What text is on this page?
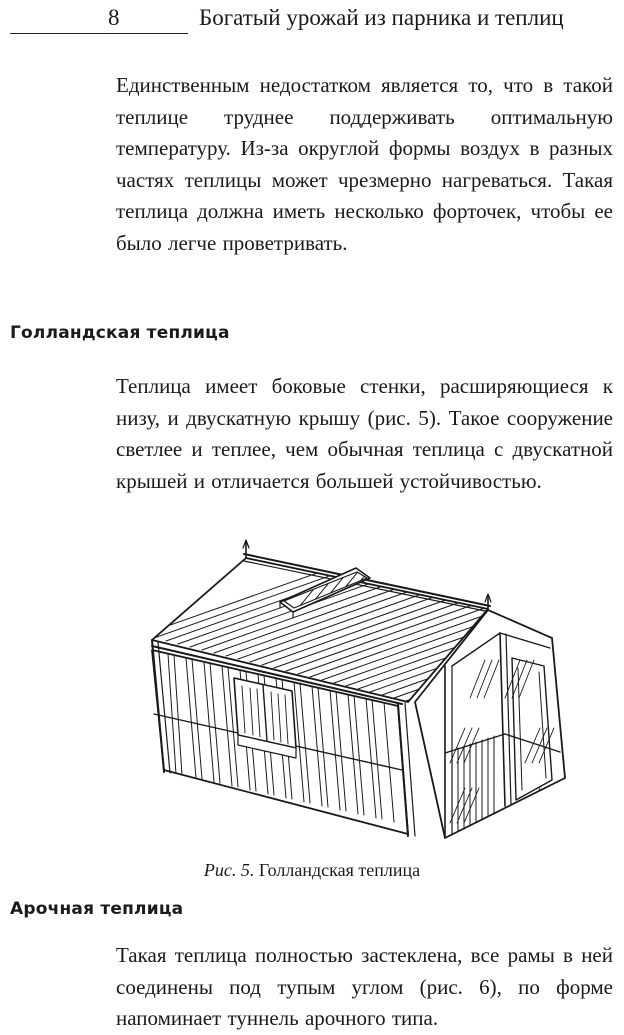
8	Богатый урожай из парника и теплиц

Единственным недостатком является то, что в такой теплице труднее поддерживать оптимальную температуру. Из-за округлой формы воздух в разных частях теплицы может чрезмерно нагреваться. Такая теплица должна иметь несколько форточек, чтобы ее было легче проветривать.

Голландская теплица

Теплица имеет боковые стенки, расширяющиеся к низу, и двускатную крышу (рис. 5). Такое сооружение светлее и теплее, чем обычная теплица с двускатной крышей и отличается большей устойчивостью.

Рис. 5. Голландская теплица
Арочная теплица

Такая теплица полностью застеклена, все рамы в ней соединены под тупым углом (рис. 6), по форме напоминает туннель арочного типа.
